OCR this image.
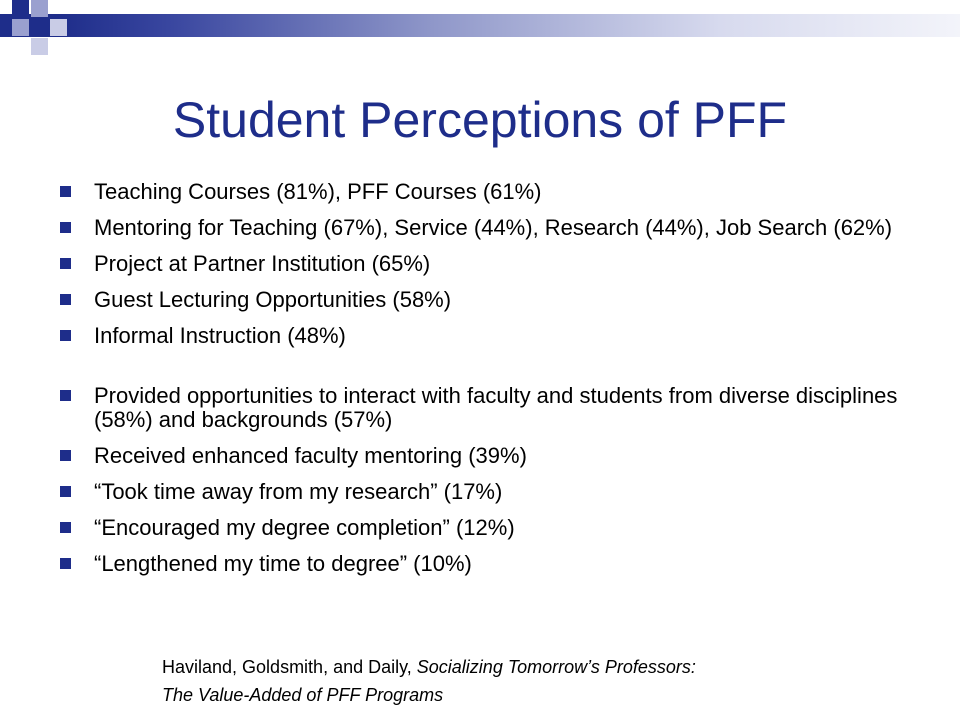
Student Perceptions of PFF
Teaching Courses (81%), PFF Courses (61%)
Mentoring for Teaching (67%), Service (44%), Research (44%), Job Search (62%)
Project at Partner Institution (65%)
Guest Lecturing Opportunities (58%)
Informal Instruction (48%)
Provided opportunities to interact with faculty and students from diverse disciplines (58%) and backgrounds (57%)
Received enhanced faculty mentoring (39%)
“Took time away from my research” (17%)
“Encouraged my degree completion” (12%)
“Lengthened my time to degree” (10%)
Haviland, Goldsmith, and Daily, Socializing Tomorrow’s Professors:
The Value-Added of PFF Programs
